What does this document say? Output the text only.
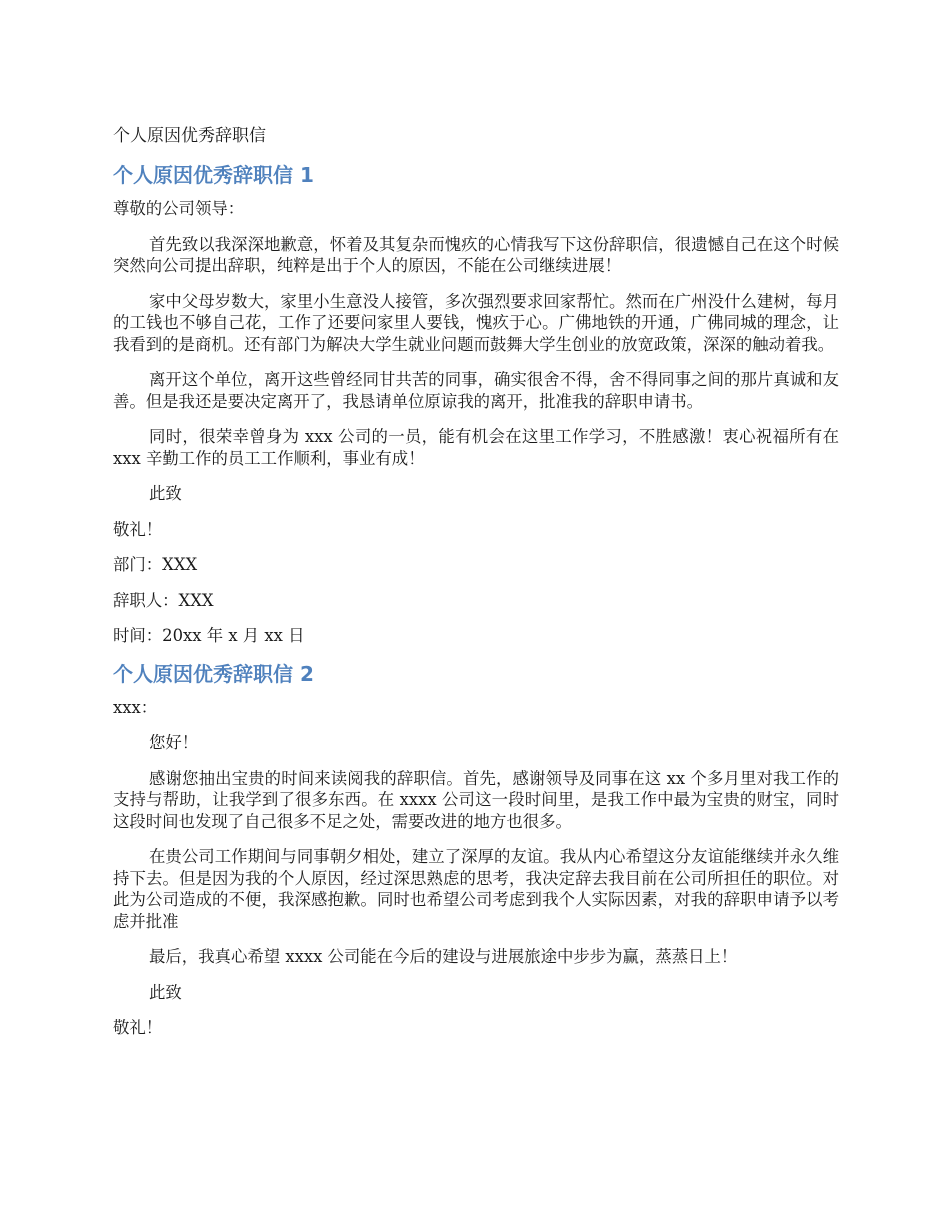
个人原因优秀辞职信
个人原因优秀辞职信 1

尊敬的公司领导：

首先致以我深深地歉意，怀着及其复杂而愧疚的心情我写下这份辞职信，很遗憾自己在这个时候突然向公司提出辞职，纯粹是出于个人的原因，不能在公司继续进展！

家中父母岁数大，家里小生意没人接管，多次强烈要求回家帮忙。然而在广州没什么建树，每月的工钱也不够自己花，工作了还要问家里人要钱，愧疚于心。广佛地铁的开通，广佛同城的理念，让我看到的是商机。还有部门为解决大学生就业问题而鼓舞大学生创业的放宽政策，深深的触动着我。

离开这个单位，离开这些曾经同甘共苦的同事，确实很舍不得，舍不得同事之间的那片真诚和友善。但是我还是要决定离开了，我恳请单位原谅我的离开，批准我的辞职申请书。

同时，很荣幸曾身为 xxx 公司的一员，能有机会在这里工作学习，不胜感激！衷心祝福所有在 xxx 辛勤工作的员工工作顺利，事业有成！

此致

敬礼！

部门：XXX

辞职人：XXX

时间：20xx 年 x 月 xx 日

个人原因优秀辞职信 2

xxx：

您好！

感谢您抽出宝贵的时间来读阅我的辞职信。首先，感谢领导及同事在这 xx 个多月里对我工作的支持与帮助，让我学到了很多东西。在 xxxx 公司这一段时间里，是我工作中最为宝贵的财宝，同时这段时间也发现了自己很多不足之处，需要改进的地方也很多。

在贵公司工作期间与同事朝夕相处，建立了深厚的友谊。我从内心希望这分友谊能继续并永久维持下去。但是因为我的个人原因，经过深思熟虑的思考，我决定辞去我目前在公司所担任的职位。对此为公司造成的不便，我深感抱歉。同时也希望公司考虑到我个人实际因素，对我的辞职申请予以考虑并批准

最后，我真心希望 xxxx 公司能在今后的建设与进展旅途中步步为赢，蒸蒸日上！

此致

敬礼！
